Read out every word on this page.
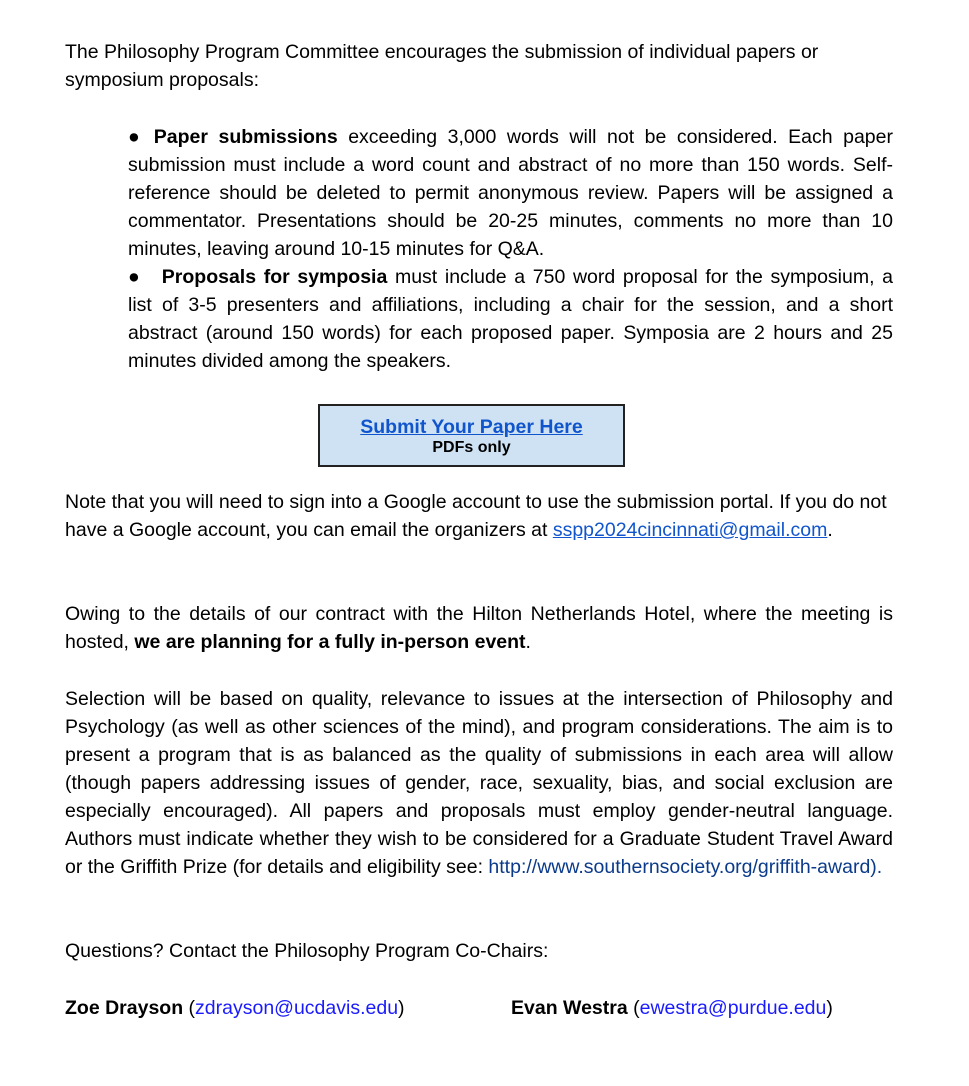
The Philosophy Program Committee encourages the submission of individual papers or symposium proposals:

● Paper submissions exceeding 3,000 words will not be considered. Each paper submission must include a word count and abstract of no more than 150 words. Self-reference should be deleted to permit anonymous review. Papers will be assigned a commentator. Presentations should be 20-25 minutes, comments no more than 10 minutes, leaving around 10-15 minutes for Q&A.

● Proposals for symposia must include a 750 word proposal for the symposium, a list of 3-5 presenters and affiliations, including a chair for the session, and a short abstract (around 150 words) for each proposed paper. Symposia are 2 hours and 25 minutes divided among the speakers.

Submit Your Paper Here
PDFs only

Note that you will need to sign into a Google account to use the submission portal. If you do not have a Google account, you can email the organizers at sspp2024cincinnati@gmail.com.

Owing to the details of our contract with the Hilton Netherlands Hotel, where the meeting is hosted, we are planning for a fully in-person event.

Selection will be based on quality, relevance to issues at the intersection of Philosophy and Psychology (as well as other sciences of the mind), and program considerations. The aim is to present a program that is as balanced as the quality of submissions in each area will allow (though papers addressing issues of gender, race, sexuality, bias, and social exclusion are especially encouraged). All papers and proposals must employ gender-neutral language. Authors must indicate whether they wish to be considered for a Graduate Student Travel Award or the Griffith Prize (for details and eligibility see: http://www.southernsociety.org/griffith-award).

Questions? Contact the Philosophy Program Co-Chairs:

Zoe Drayson (zdrayson@ucdavis.edu)	Evan Westra (ewestra@purdue.edu)
